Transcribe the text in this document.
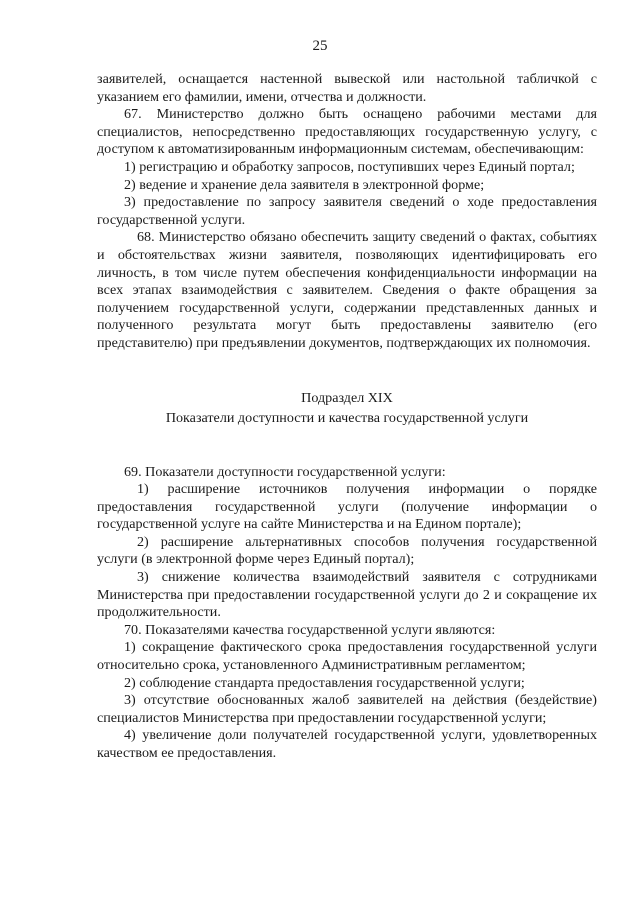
25

заявителей, оснащается настенной вывеской или настольной табличкой с указанием его фамилии, имени, отчества и должности.

67. Министерство должно быть оснащено рабочими местами для специалистов, непосредственно предоставляющих государственную услугу, с доступом к автоматизированным информационным системам, обеспечивающим:

1) регистрацию и обработку запросов, поступивших через Единый портал;

2) ведение и хранение дела заявителя в электронной форме;

3) предоставление по запросу заявителя сведений о ходе предоставления государственной услуги.

68. Министерство обязано обеспечить защиту сведений о фактах, событиях и обстоятельствах жизни заявителя, позволяющих идентифицировать его личность, в том числе путем обеспечения конфиденциальности информации на всех этапах взаимодействия с заявителем. Сведения о факте обращения за получением государственной услуги, содержании представленных данных и полученного результата могут быть предоставлены заявителю (его представителю) при предъявлении документов, подтверждающих их полномочия.

Подраздел XIX
Показатели доступности и качества государственной услуги

69. Показатели доступности государственной услуги:

1) расширение источников получения информации о порядке предоставления государственной услуги (получение информации о государственной услуге на сайте Министерства и на Едином портале);

2) расширение альтернативных способов получения государственной услуги (в электронной форме через Единый портал);

3) снижение количества взаимодействий заявителя с сотрудниками Министерства при предоставлении государственной услуги до 2 и сокращение их продолжительности.

70. Показателями качества государственной услуги являются:

1) сокращение фактического срока предоставления государственной услуги относительно срока, установленного Административным регламентом;

2) соблюдение стандарта предоставления государственной услуги;

3) отсутствие обоснованных жалоб заявителей на действия (бездействие) специалистов Министерства при предоставлении государственной услуги;

4) увеличение доли получателей государственной услуги, удовлетворенных качеством ее предоставления.
